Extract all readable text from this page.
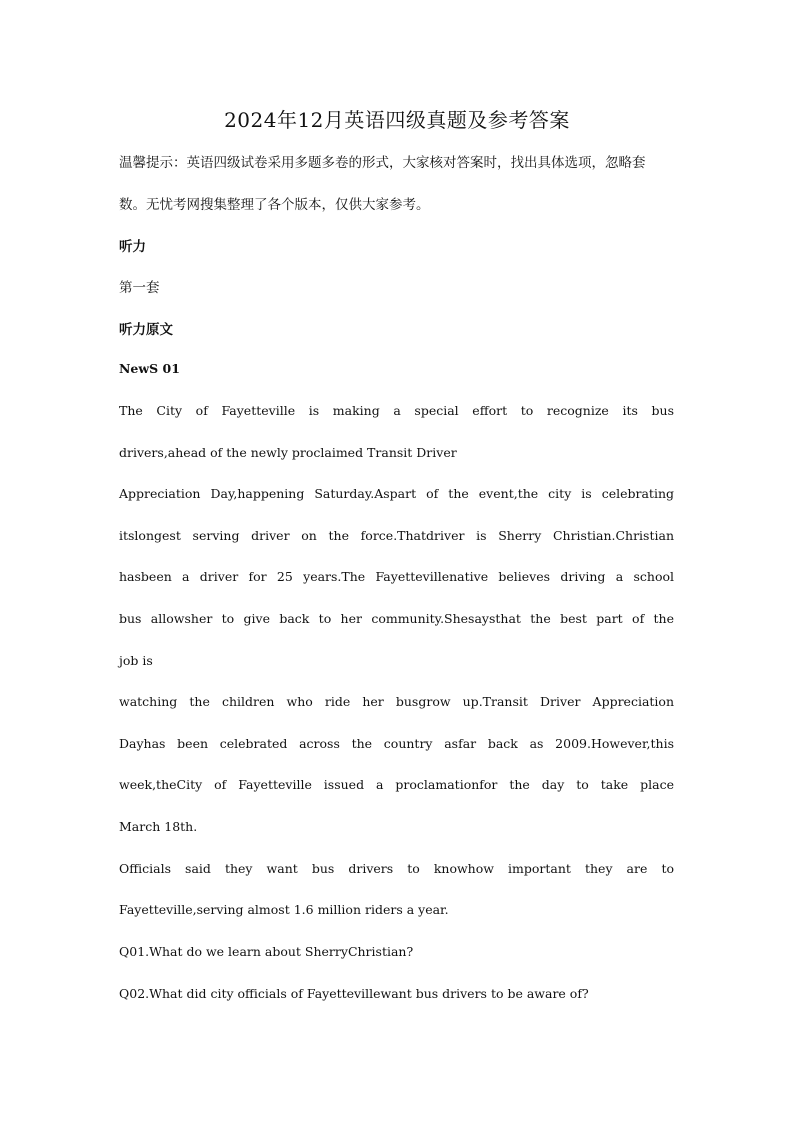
2024年12月英语四级真题及参考答案
温馨提示：英语四级试卷采用多题多卷的形式，大家核对答案时，找出具体选项，忽略套
数。无忧考网搜集整理了各个版本，仅供大家参考。
听力
第一套
听力原文
NewS 01
The City of Fayetteville is making a special effort to recognize its bus
drivers,ahead of the newly proclaimed Transit Driver
Appreciation Day,happening Saturday.Aspart of the event,the city is celebrating
itslongest serving driver on the force.Thatdriver is Sherry Christian.Christian
hasbeen a driver for 25 years.The Fayettevillenative believes driving a school
bus allowsher to give back to her community.Shesaysthat the best part of the
job is
watching the children who ride her busgrow up.Transit Driver Appreciation
Dayhas been celebrated across the country asfar back as 2009.However,this
week,theCity of Fayetteville issued a proclamationfor the day to take place
March 18th.
Officials said they want bus drivers to knowhow important they are to
Fayetteville,serving almost 1.6 million riders a year.
Q01.What do we learn about SherryChristian?
Q02.What did city officials of Fayettevillewant bus drivers to be aware of?
